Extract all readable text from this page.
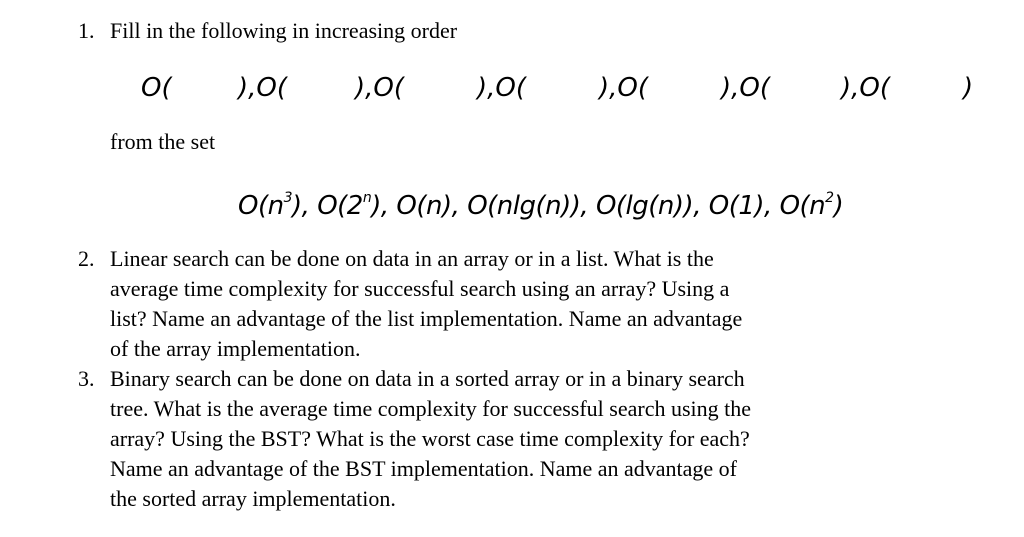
1. Fill in the following in increasing order
O(	),O(	),O(	),O(	),O(	),O(	),O(	)
from the set
$O(n^3)$, O(2$^n$), O(n), O(nlg(n)), O(lg(n)), O(1), $O(n^2)$
2. Linear search can be done on data in an array or in a list. What is the
average time complexity for successful search using an array? Using a
list? Name an advantage of the list implementation. Name an advantage
of the array implementation.
3. Binary search can be done on data in a sorted array or in a binary search
tree. What is the average time complexity for successful search using the
array? Using the BST? What is the worst case time complexity for each?
Name an advantage of the BST implementation. Name an advantage of
the sorted array implementation.
